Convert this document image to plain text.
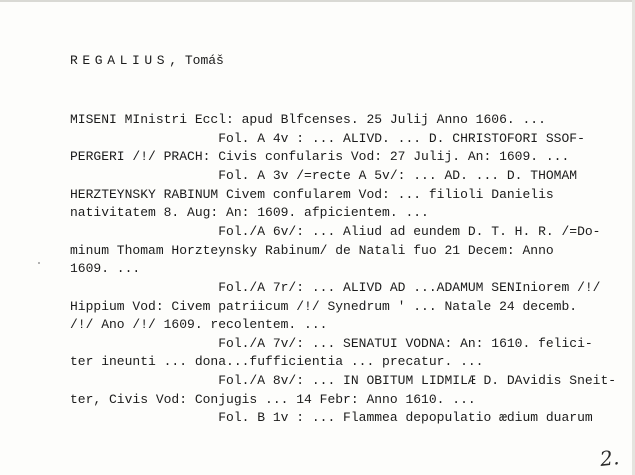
REGALIUS, Tomáš
MISENI MInistri Eccl: apud Blfcenses. 25 Julij Anno 1606. ...
Fol. A 4v : ... ALIVD. ... D. CHRISTOFORI SSOF-
PERGERI /!/ PRACH: Civis confularis Vod: 27 Julij. An: 1609. ...
Fol. A 3v /=recte A 5v/: ... AD. ... D. THOMAM
HERZTEYNSKY RABINUM Civem confularem Vod: ... filioli Danielis
nativitatem 8. Aug: An: 1609. afpicientem. ...
Fol./A 6v/: ... Aliud ad eundem D. T. H. R. /=Do-
minum Thomam Horzteynsky Rabinum/ de Natali fuo 21 Decem: Anno
1609. ...
Fol./A 7r/: ... ALIVD AD ...ADAMUM SENIniorem /!/
Hippium Vod: Civem patriicum /!/ Synedrum ' ... Natale 24 decemb.
/!/ Ano /!/ 1609. recolentem. ...
Fol./A 7v/: ... SENATUI VODNA: An: 1610. felici-
ter ineunti ... dona...fufficientia ... precatur. ...
Fol./A 8v/: ... IN OBITUM LIDMILÆ D. DAvidis Sneit-
ter, Civis Vod: Conjugis ... 14 Febr: Anno 1610. ...
Fol. B 1v : ... Flammea depopulatio ædium duarum
2.
